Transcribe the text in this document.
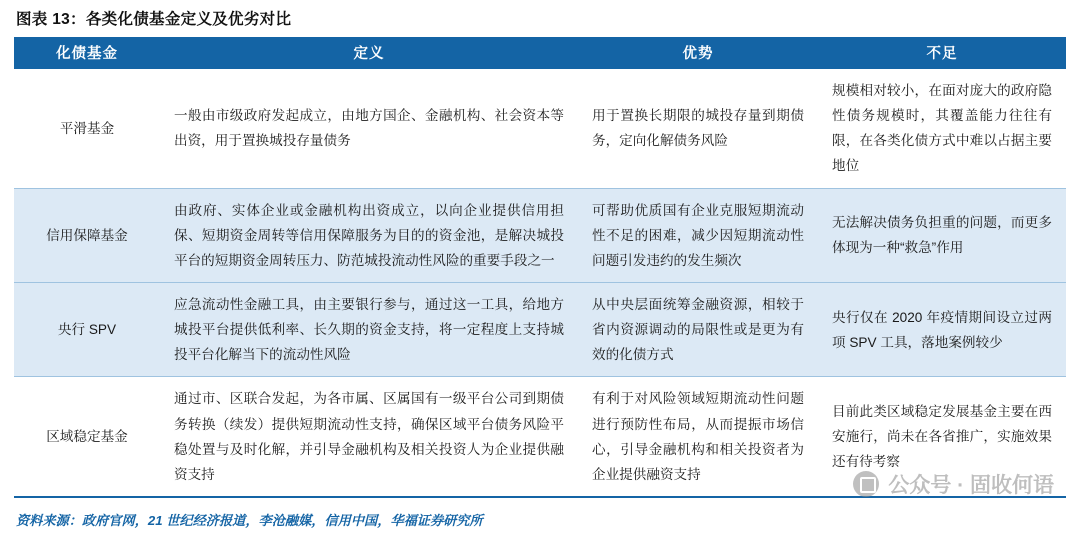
图表 13：各类化债基金定义及优劣对比
化债基金	定义	优势	不足
平滑基金	一般由市级政府发起成立，由地方国企、金融机构、社会资本等出资，用于置换城投存量债务	用于置换长期限的城投存量到期债务，定向化解债务风险	规模相对较小，在面对庞大的政府隐性债务规模时，其覆盖能力往往有限，在各类化债方式中难以占据主要地位
信用保障基金	由政府、实体企业或金融机构出资成立，以向企业提供信用担保、短期资金周转等信用保障服务为目的的资金池，是解决城投平台的短期资金周转压力、防范城投流动性风险的重要手段之一	可帮助优质国有企业克服短期流动性不足的困难，减少因短期流动性问题引发违约的发生频次	无法解决债务负担重的问题，而更多体现为一种“救急”作用
央行 SPV	应急流动性金融工具，由主要银行参与，通过这一工具，给地方城投平台提供低利率、长久期的资金支持，将一定程度上支持城投平台化解当下的流动性风险	从中央层面统筹金融资源，相较于省内资源调动的局限性或是更为有效的化债方式	央行仅在 2020 年疫情期间设立过两项 SPV 工具，落地案例较少
区域稳定基金	通过市、区联合发起，为各市属、区属国有一级平台公司到期债务转换（续发）提供短期流动性支持，确保区域平台债务风险平稳处置与及时化解，并引导金融机构及相关投资人为企业提供融资支持	有利于对风险领域短期流动性问题进行预防性布局，从而提振市场信心，引导金融机构和相关投资者为企业提供融资支持	目前此类区域稳定发展基金主要在西安施行，尚未在各省推广，实施效果还有待考察
资料来源：政府官网，21 世纪经济报道，李沧融媒，信用中国，华福证券研究所
公众号 · 固收何语
